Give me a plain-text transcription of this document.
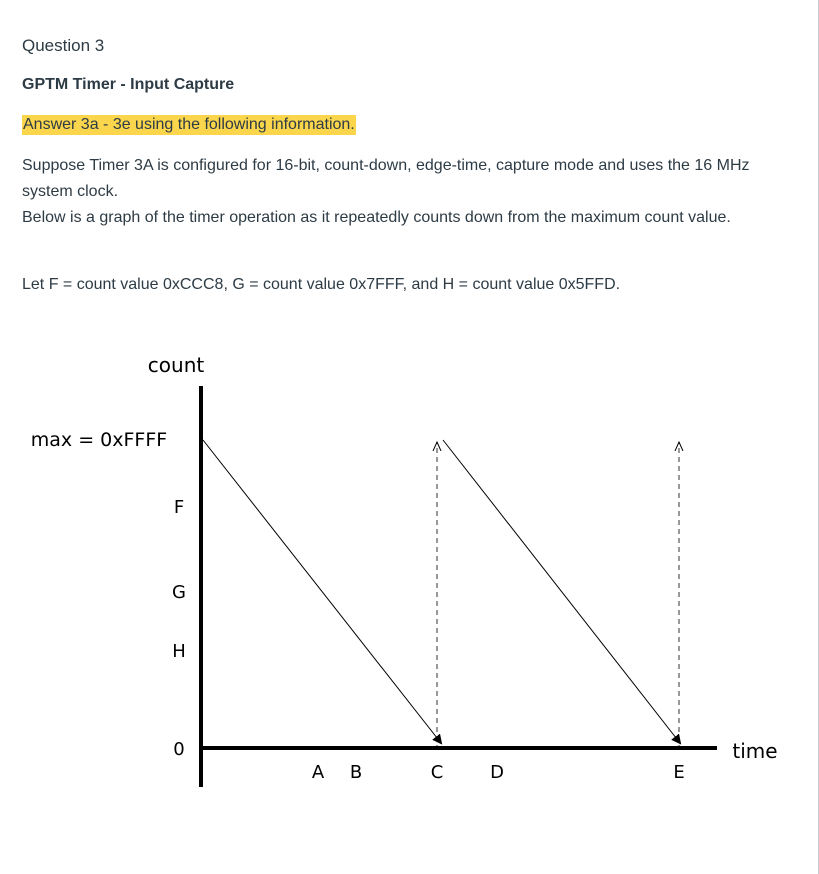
Question 3
GPTM Timer - Input Capture
Answer 3a - 3e using the following information.
Suppose Timer 3A is configured for 16-bit, count-down, edge-time, capture mode and uses the 16 MHz system clock.
Below is a graph of the timer operation as it repeatedly counts down from the maximum count value.
Let F = count value 0xCCC8, G = count value 0x7FFF, and H = count value 0x5FFD.
count
max = 0xFFFF
F
G
H
0	time
A B	C	D	E
